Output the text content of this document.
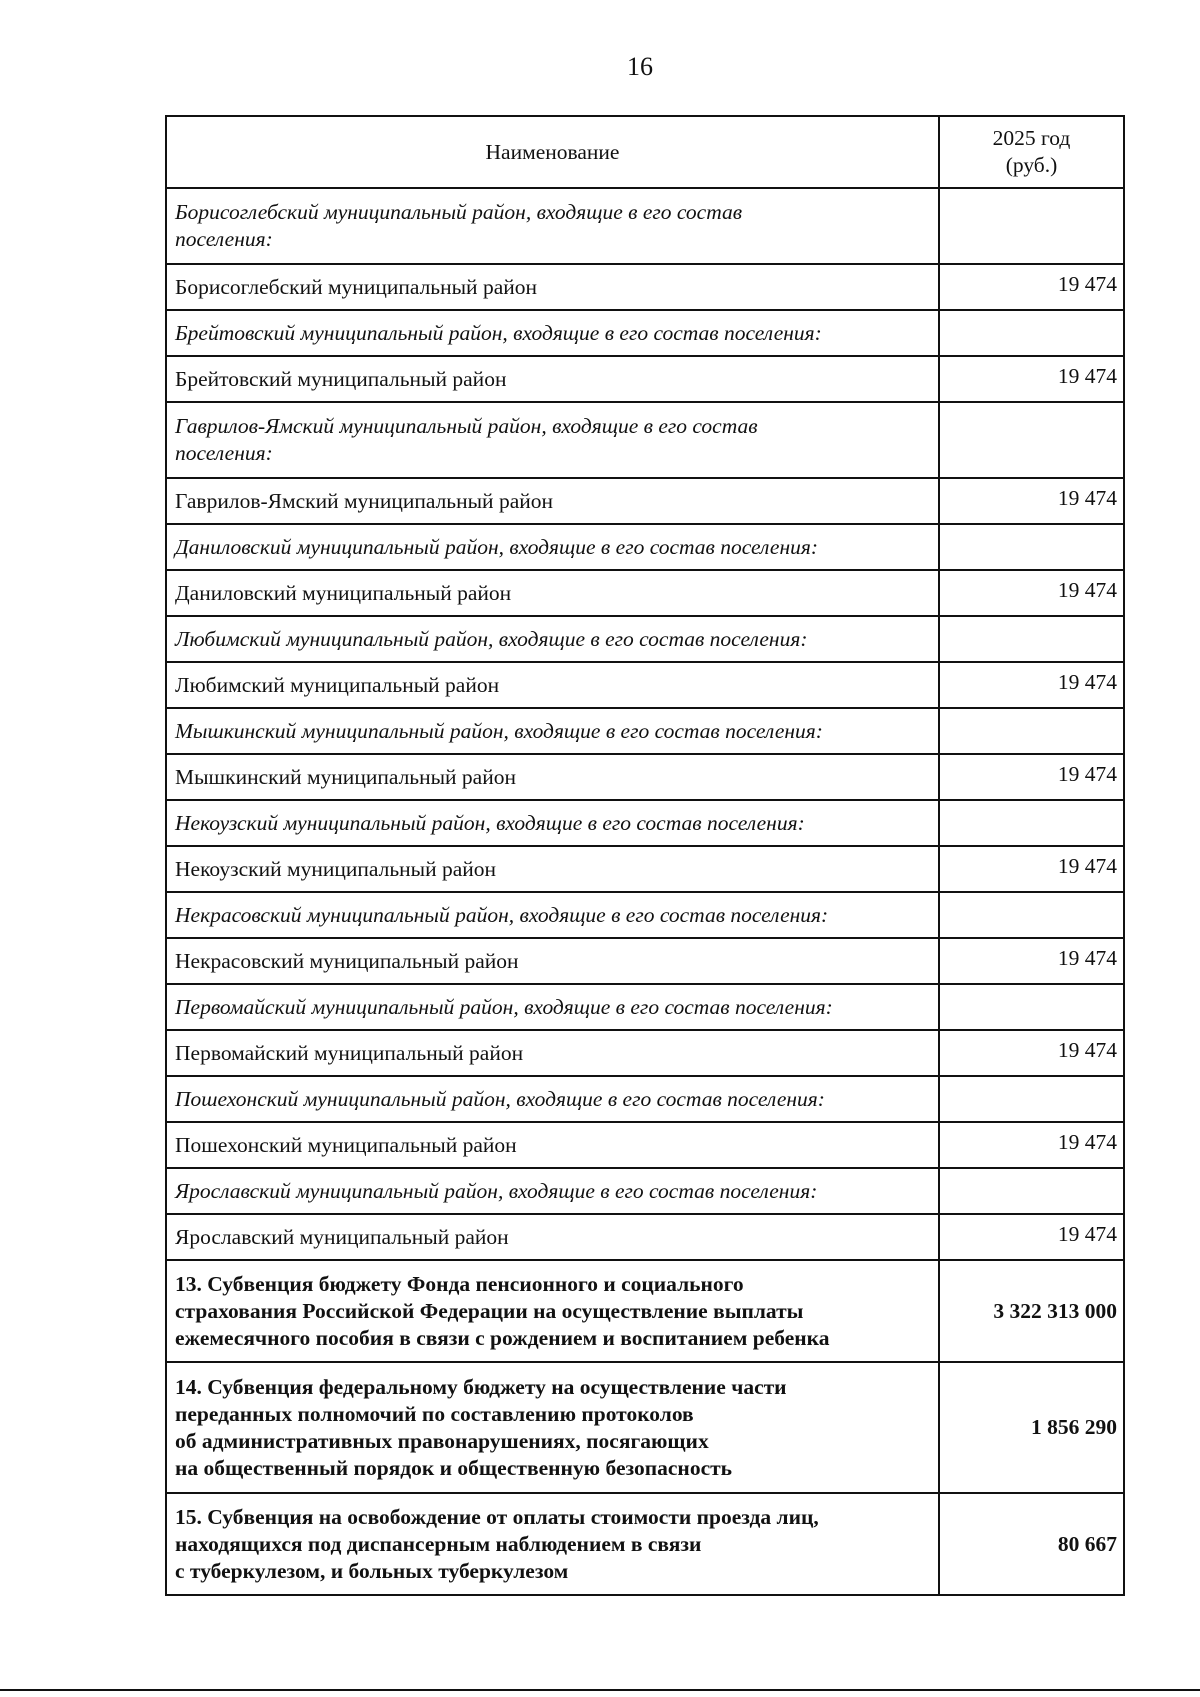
16
Наименование	2025 год
(руб.)
Борисоглебский муниципальный район, входящие в его состав
поселения:	
Борисоглебский муниципальный район	19 474
Брейтовский муниципальный район, входящие в его состав поселения:	
Брейтовский муниципальный район	19 474
Гаврилов-Ямский муниципальный район, входящие в его состав
поселения:	
Гаврилов-Ямский муниципальный район	19 474
Даниловский муниципальный район, входящие в его состав поселения:	
Даниловский муниципальный район	19 474
Любимский муниципальный район, входящие в его состав поселения:	
Любимский муниципальный район	19 474
Мышкинский муниципальный район, входящие в его состав поселения:	
Мышкинский муниципальный район	19 474
Некоузский муниципальный район, входящие в его состав поселения:	
Некоузский муниципальный район	19 474
Некрасовский муниципальный район, входящие в его состав поселения:	
Некрасовский муниципальный район	19 474
Первомайский муниципальный район, входящие в его состав поселения:	
Первомайский муниципальный район	19 474
Пошехонский муниципальный район, входящие в его состав поселения:	
Пошехонский муниципальный район	19 474
Ярославский муниципальный район, входящие в его состав поселения:	
Ярославский муниципальный район	19 474
13. Субвенция бюджету Фонда пенсионного и социального
страхования Российской Федерации на осуществление выплаты
ежемесячного пособия в связи с рождением и воспитанием ребенка	3 322 313 000
14. Субвенция федеральному бюджету на осуществление части
переданных полномочий по составлению протоколов
об административных правонарушениях, посягающих
на общественный порядок и общественную безопасность	1 856 290
15. Субвенция на освобождение от оплаты стоимости проезда лиц,
находящихся под диспансерным наблюдением в связи
с туберкулезом, и больных туберкулезом	80 667
